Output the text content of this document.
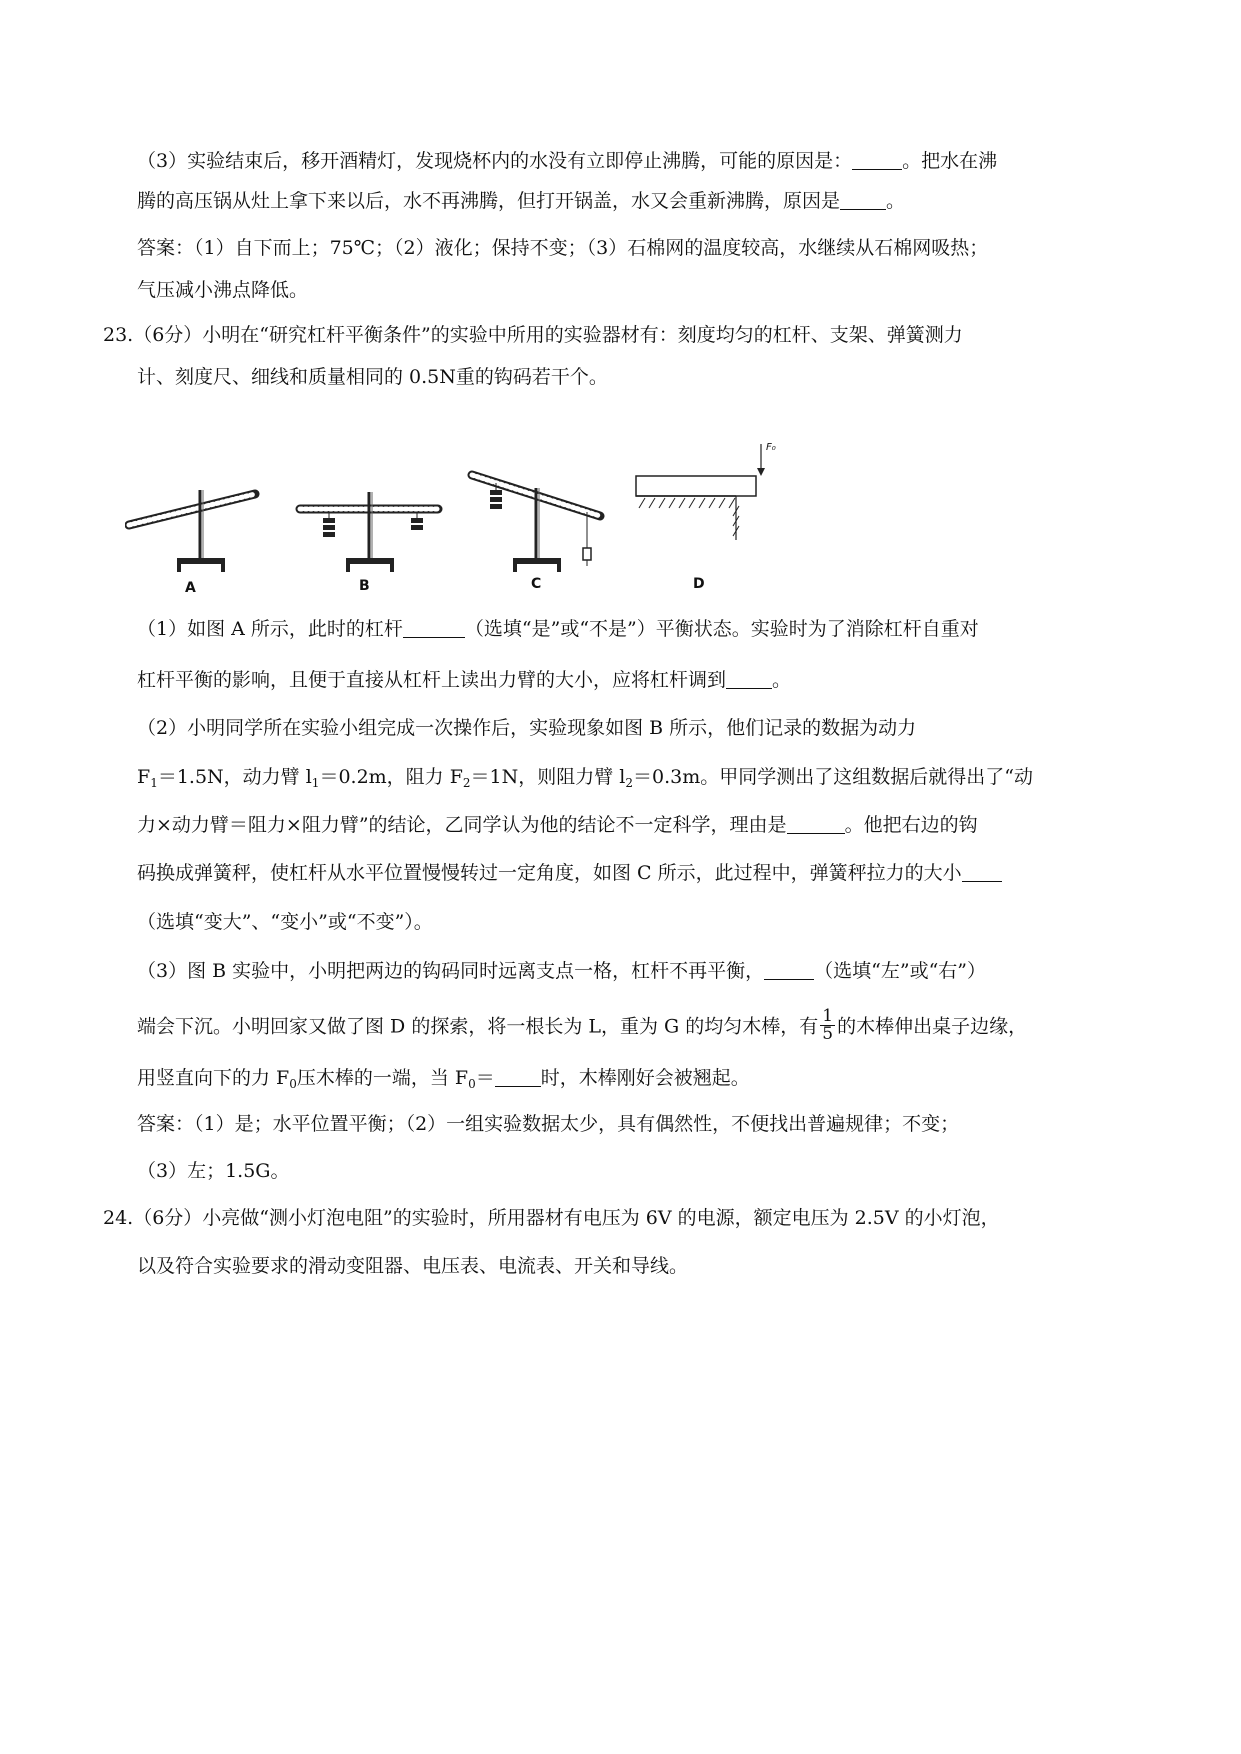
（3）实验结束后，移开酒精灯，发现烧杯内的水没有立即停止沸腾，可能的原因是：	。把水在沸
腾的高压锅从灶上拿下来以后，水不再沸腾，但打开锅盖，水又会重新沸腾，原因是 。
答案：（1）自下而上；75℃；（2）液化；保持不变；（3）石棉网的温度较高，水继续从石棉网吸热；
气压减小沸点降低。
23.（6分）小明在“研究杠杆平衡条件”的实验中所用的实验器材有：刻度均匀的杠杆、支架、弹簧测力
计、刻度尺、细线和质量相同的 0.5N重的钩码若干个。
A	B	C	D
F₀
（1）如图 A 所示，此时的杠杆	（选填“是”或“不是”）平衡状态。实验时为了消除杠杆自重对
杠杆平衡的影响，且便于直接从杠杆上读出力臂的大小，应将杠杆调到 。
（2）小明同学所在实验小组完成一次操作后，实验现象如图 B 所示，他们记录的数据为动力
$F_1=1.5N$，动力臂 $l_1=0.2m$，阻力 $F_2=1N$，则阻力臂 $l_2=0.3m$。甲同学测出了这组数据后就得出了“动
力×动力臂＝阻力×阻力臂”的结论，乙同学认为他的结论不一定科学，理由是	。他把右边的钩
码换成弹簧秤，使杠杆从水平位置慢慢转过一定角度，如图 C 所示，此过程中，弹簧秤拉力的大小
（选填“变大”、“变小”或“不变”）。
（3）图 B 实验中，小明把两边的钩码同时远离支点一格，杠杆不再平衡，	（选填“左”或“右”）
端会下沉。小明回家又做了图 D 的探索，将一根长为 L，重为 G 的均匀木棒，有 $\frac{1}{5}$ 的木棒伸出桌子边缘，
用竖直向下的力 $F_0$压木棒的一端，当 $F_0=$ 时，木棒刚好会被翘起。
答案：（1）是；水平位置平衡；（2）一组实验数据太少，具有偶然性，不便找出普遍规律；不变；
（3）左；1.5G。
24.（6分）小亮做“测小灯泡电阻”的实验时，所用器材有电压为 6V 的电源，额定电压为 2.5V 的小灯泡，
以及符合实验要求的滑动变阻器、电压表、电流表、开关和导线。
